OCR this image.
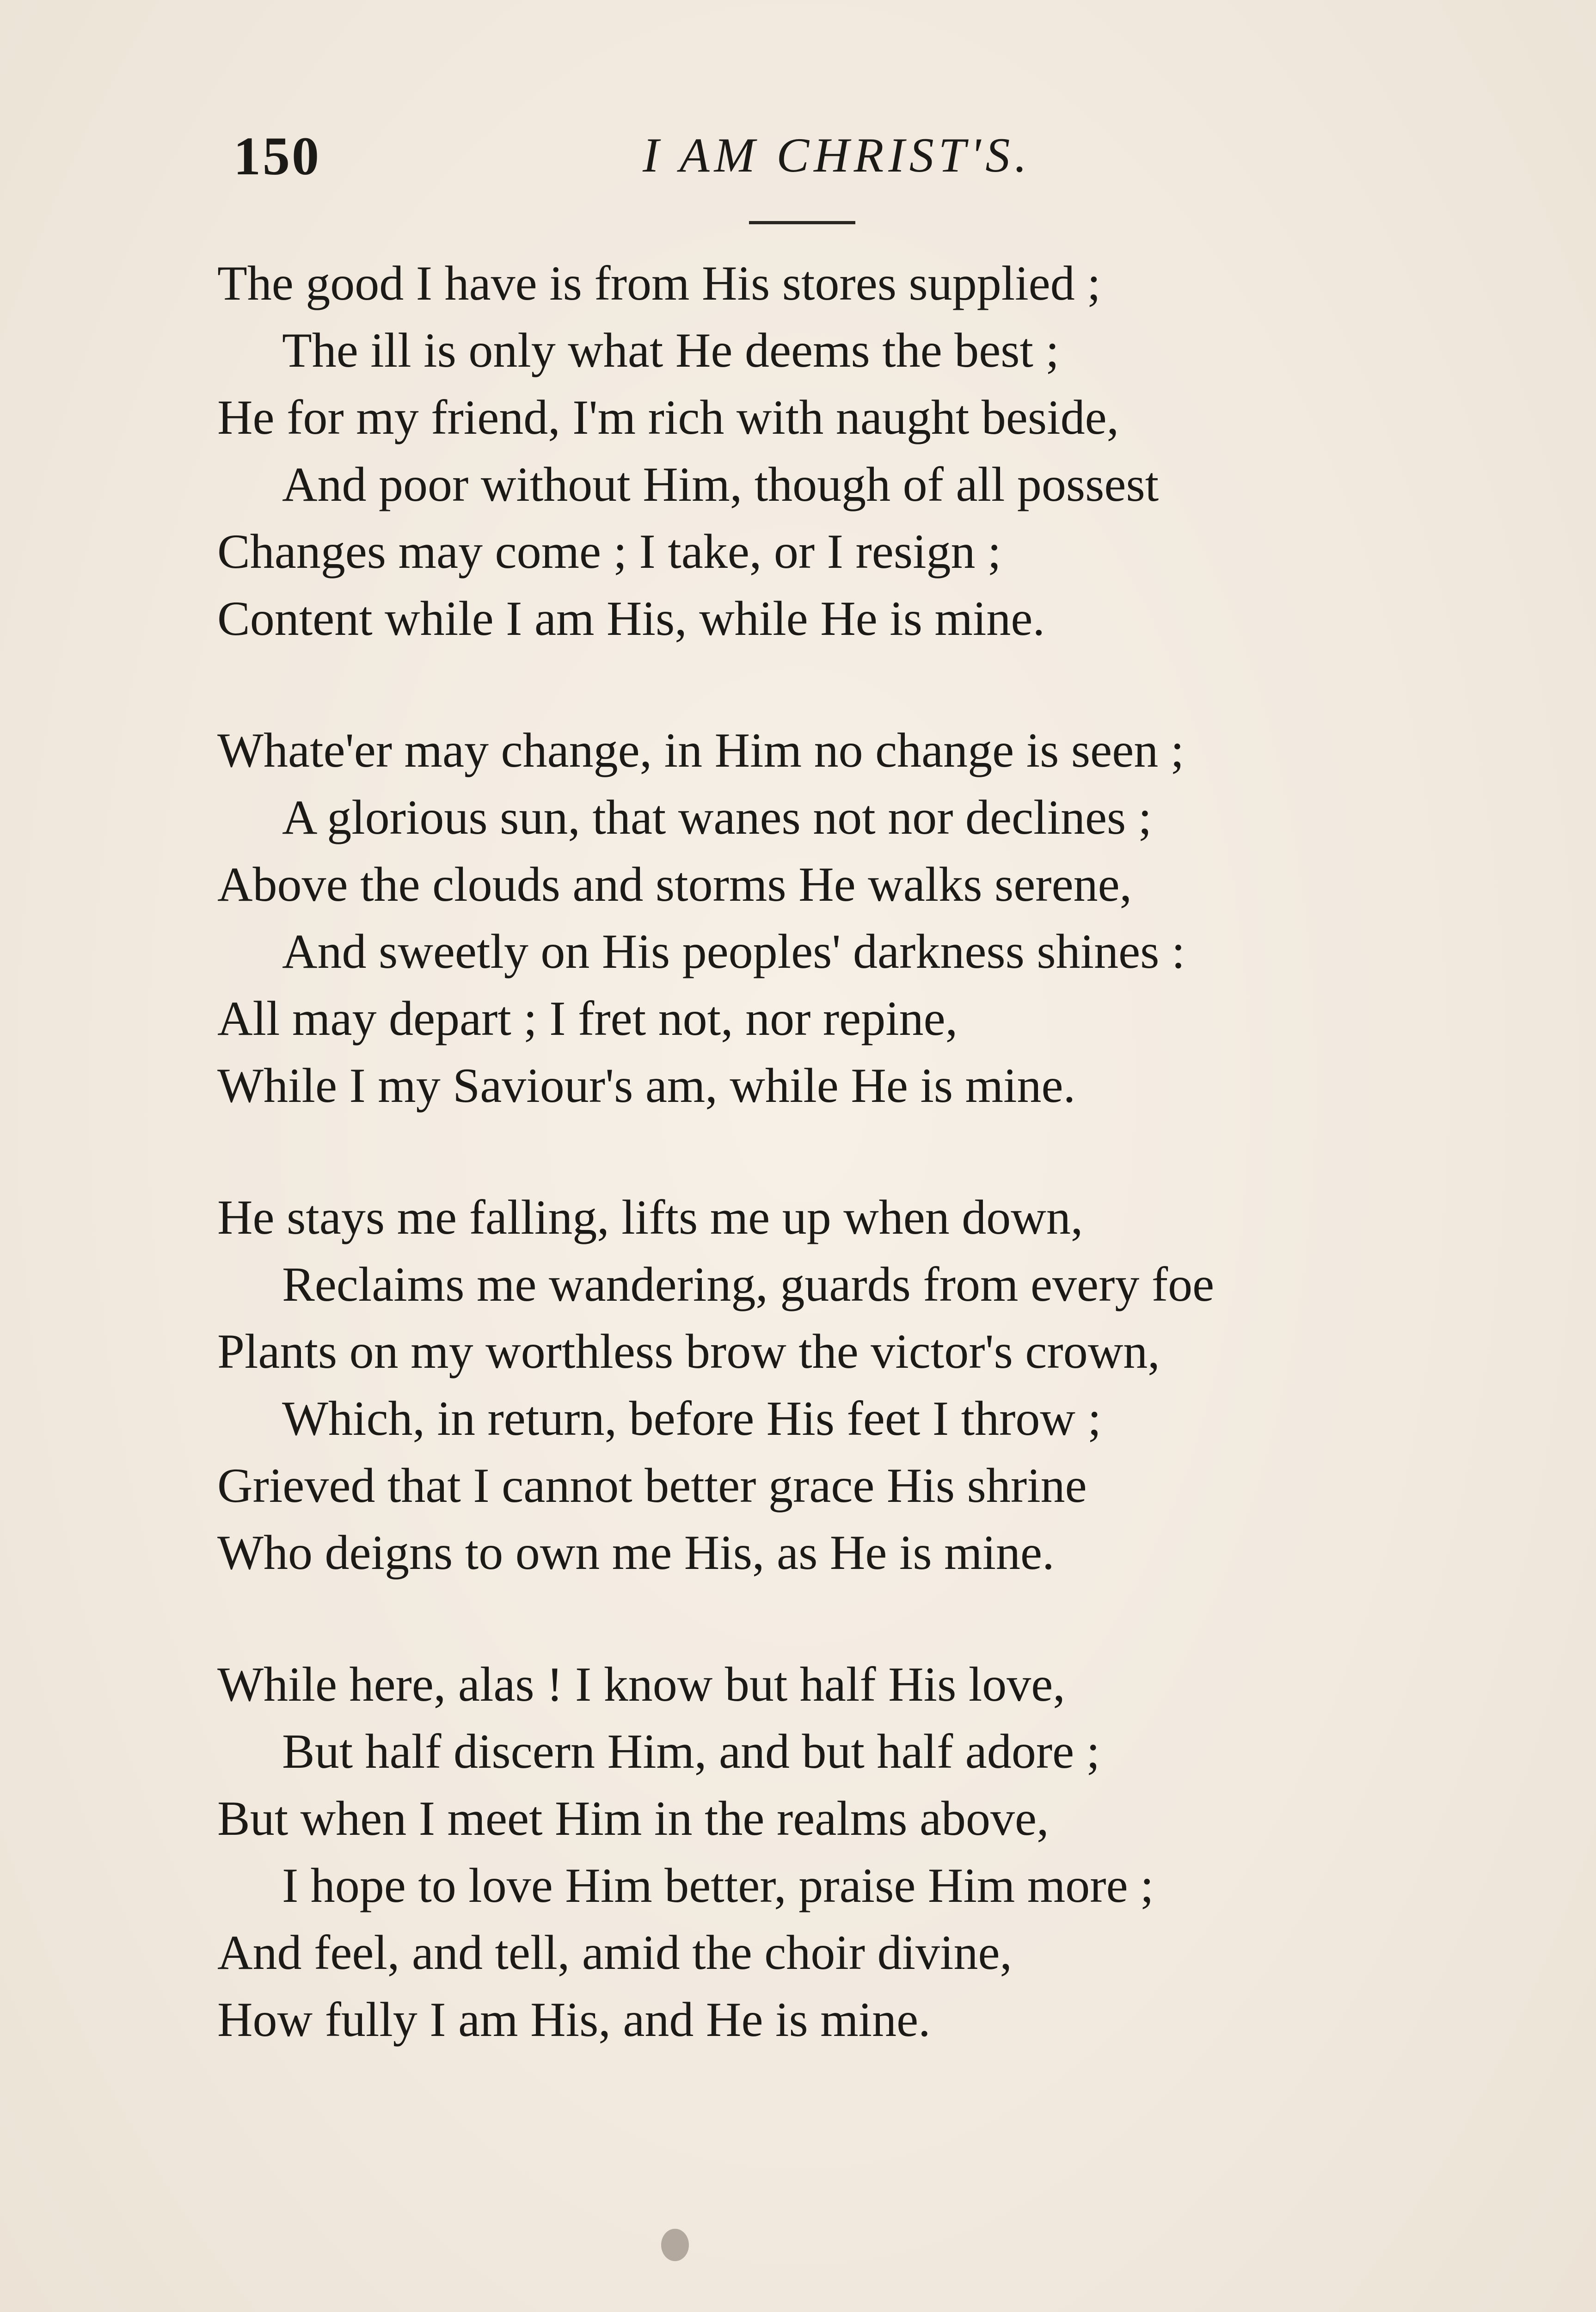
150	I AM CHRIST'S.
The good I have is from His stores supplied ;
The ill is only what He deems the best ;
He for my friend, I'm rich with naught beside,
And poor without Him, though of all possest
Changes may come ; I take, or I resign ;
Content while I am His, while He is mine.
Whate'er may change, in Him no change is seen ;
A glorious sun, that wanes not nor declines ;
Above the clouds and storms He walks serene,
And sweetly on His peoples' darkness shines :
All may depart ; I fret not, nor repine,
While I my Saviour's am, while He is mine.
He stays me falling, lifts me up when down,
Reclaims me wandering, guards from every foe
Plants on my worthless brow the victor's crown,
Which, in return, before His feet I throw ;
Grieved that I cannot better grace His shrine
Who deigns to own me His, as He is mine.
While here, alas ! I know but half His love,
But half discern Him, and but half adore ;
But when I meet Him in the realms above,
I hope to love Him better, praise Him more ;
And feel, and tell, amid the choir divine,
How fully I am His, and He is mine.
